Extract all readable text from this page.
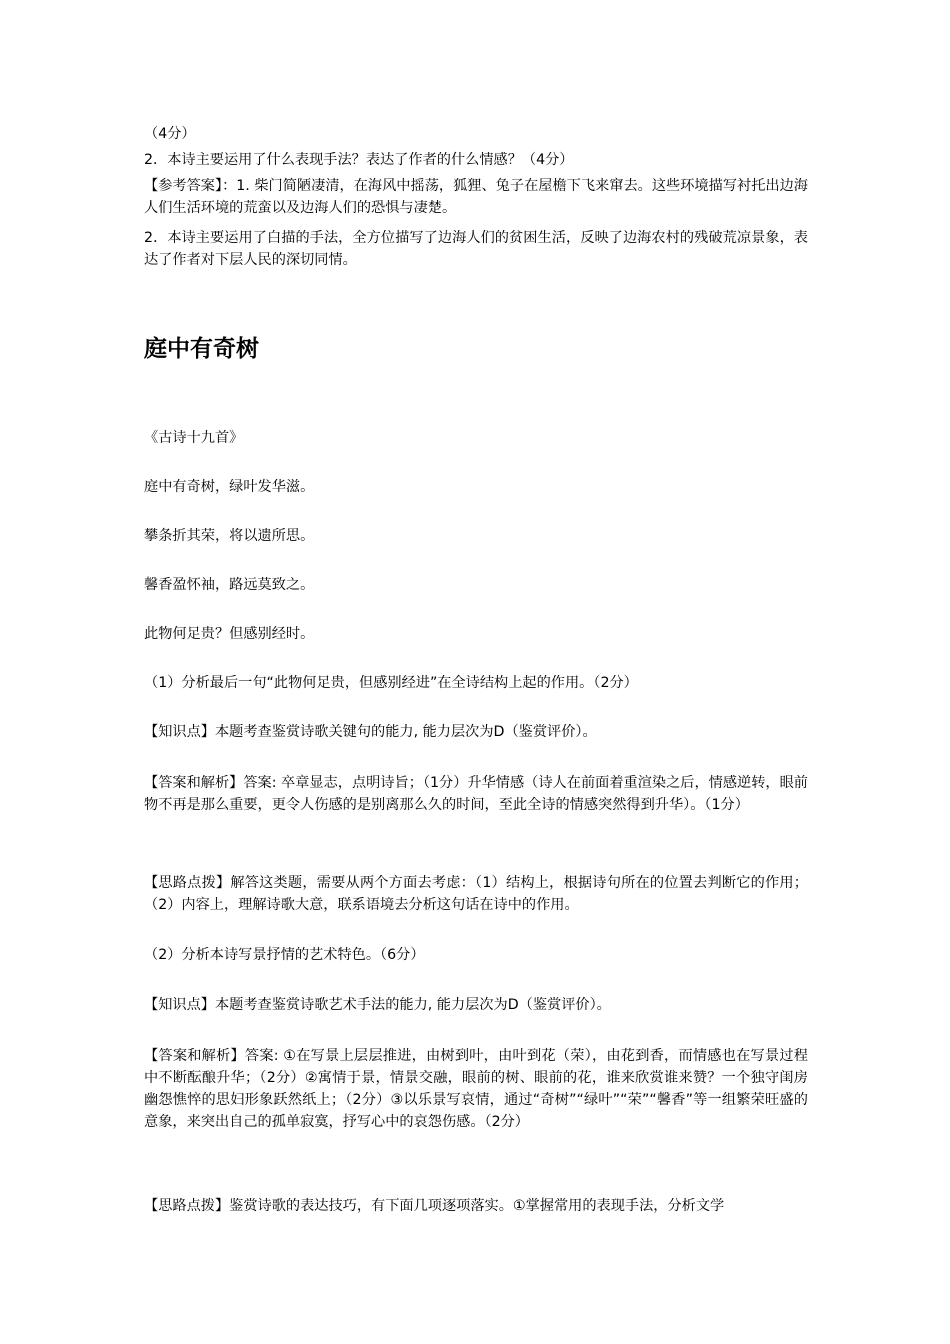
（4分）

2．本诗主要运用了什么表现手法？表达了作者的什么情感？（4分）

【参考答案】：1. 柴门简陋凄清，在海风中摇荡，狐狸、兔子在屋檐下飞来窜去。这些环境描写衬托出边海人们生活环境的荒蛮以及边海人们的恐惧与凄楚。

2．本诗主要运用了白描的手法，全方位描写了边海人们的贫困生活，反映了边海农村的残破荒凉景象，表达了作者对下层人民的深切同情。

庭中有奇树

《古诗十九首》

庭中有奇树，绿叶发华滋。

攀条折其荣，将以遗所思。

馨香盈怀袖，路远莫致之。

此物何足贵？但感别经时。

（1）分析最后一句“此物何足贵，但感别经进”在全诗结构上起的作用。（2分）

【知识点】本题考查鉴赏诗歌关键句的能力, 能力层次为D（鉴赏评价）。

【答案和解析】答案: 卒章显志，点明诗旨；（1分）升华情感（诗人在前面着重渲染之后，情感逆转，眼前物不再是那么重要，更令人伤感的是别离那么久的时间，至此全诗的情感突然得到升华）。（1分）

【思路点拨】解答这类题，需要从两个方面去考虑：（1）结构上，根据诗句所在的位置去判断它的作用；（2）内容上，理解诗歌大意，联系语境去分析这句话在诗中的作用。

（2）分析本诗写景抒情的艺术特色。（6分）

【知识点】本题考查鉴赏诗歌艺术手法的能力, 能力层次为D（鉴赏评价）。

【答案和解析】答案: ①在写景上层层推进，由树到叶，由叶到花（荣），由花到香，而情感也在写景过程中不断酝酿升华；（2分）②寓情于景，情景交融，眼前的树、眼前的花，谁来欣赏谁来赞？一个独守闺房幽怨憔悴的思妇形象跃然纸上；（2分）③以乐景写哀情，通过“奇树”“绿叶”“荣”“馨香”等一组繁荣旺盛的意象，来突出自己的孤单寂寞，抒写心中的哀怨伤感。（2分）

【思路点拨】鉴赏诗歌的表达技巧，有下面几项逐项落实。①掌握常用的表现手法，分析文学
